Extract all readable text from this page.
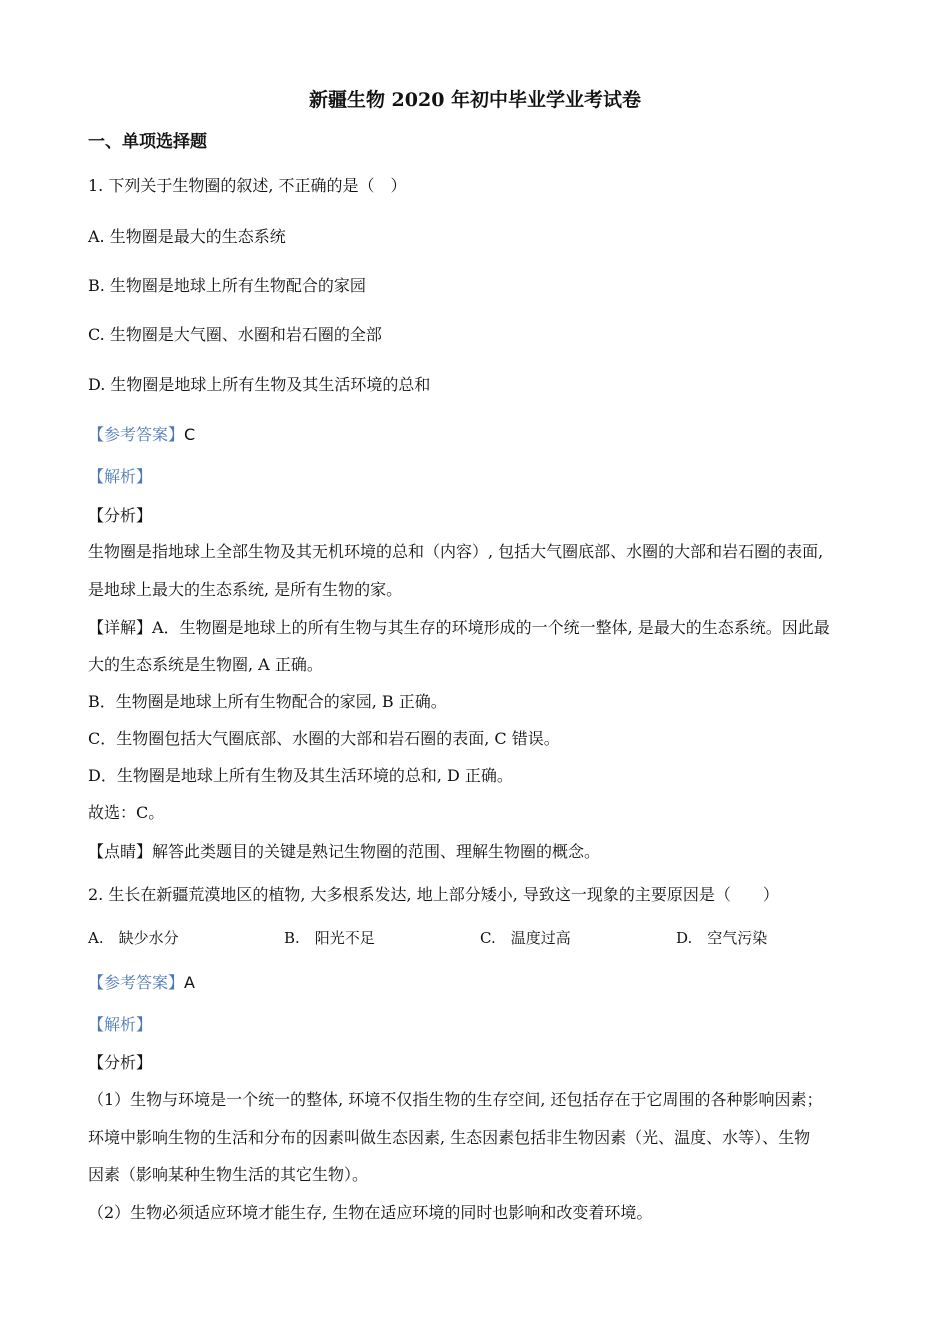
新疆生物 2020 年初中毕业学业考试卷
一、单项选择题
1. 下列关于生物圈的叙述, 不正确的是（　）
A. 生物圈是最大的生态系统
B. 生物圈是地球上所有生物配合的家园
C. 生物圈是大气圈、水圈和岩石圈的全部
D. 生物圈是地球上所有生物及其生活环境的总和
【参考答案】C
【解析】
【分析】
生物圈是指地球上全部生物及其无机环境的总和（内容）, 包括大气圈底部、水圈的大部和岩石圈的表面,
是地球上最大的生态系统, 是所有生物的家。
【详解】A．生物圈是地球上的所有生物与其生存的环境形成的一个统一整体, 是最大的生态系统。因此最
大的生态系统是生物圈, A 正确。
B．生物圈是地球上所有生物配合的家园, B 正确。
C．生物圈包括大气圈底部、水圈的大部和岩石圈的表面, C 错误。
D．生物圈是地球上所有生物及其生活环境的总和, D 正确。
故选：C。
【点睛】解答此类题目的关键是熟记生物圈的范围、理解生物圈的概念。
2. 生长在新疆荒漠地区的植物, 大多根系发达, 地上部分矮小, 导致这一现象的主要原因是（　　）
A.　缺少水分	B.　阳光不足	C.　温度过高	D.　空气污染
【参考答案】A
【解析】
【分析】
（1）生物与环境是一个统一的整体, 环境不仅指生物的生存空间, 还包括存在于它周围的各种影响因素；
环境中影响生物的生活和分布的因素叫做生态因素, 生态因素包括非生物因素（光、温度、水等）、生物
因素（影响某种生物生活的其它生物）。
（2）生物必须适应环境才能生存, 生物在适应环境的同时也影响和改变着环境。
